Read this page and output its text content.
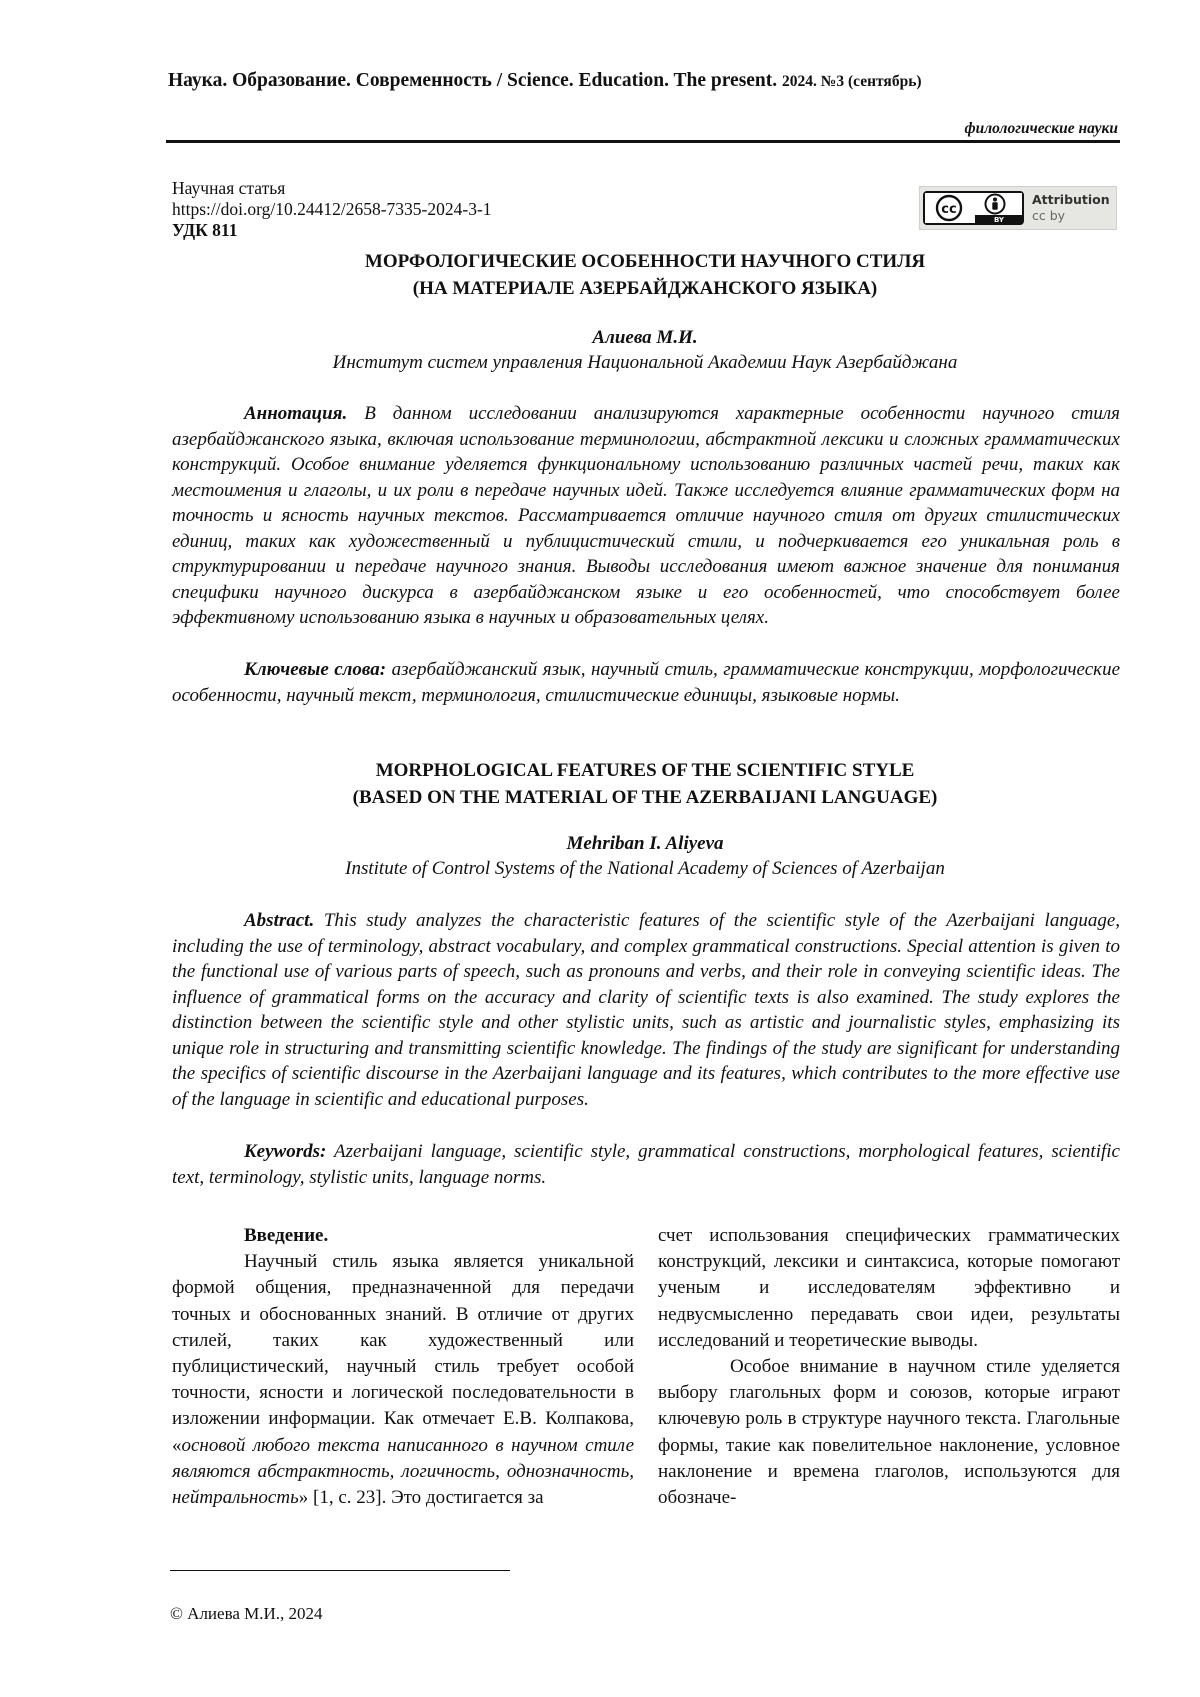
Наука. Образование. Современность / Science. Education. The present. 2024. №3 (сентябрь)
филологические науки
Научная статья
https://doi.org/10.24412/2658-7335-2024-3-1
УДК 811
cc
BY
Attribution
cc by
МОРФОЛОГИЧЕСКИЕ ОСОБЕННОСТИ НАУЧНОГО СТИЛЯ
(НА МАТЕРИАЛЕ АЗЕРБАЙДЖАНСКОГО ЯЗЫКА)
Алиева М.И.
Институт систем управления Национальной Академии Наук Азербайджана

Аннотация. В данном исследовании анализируются характерные особенности научного стиля азербайджанского языка, включая использование терминологии, абстрактной лексики и сложных грамматических конструкций. Особое внимание уделяется функциональному использованию различных частей речи, таких как местоимения и глаголы, и их роли в передаче научных идей. Также исследуется влияние грамматических форм на точность и ясность научных текстов. Рассматривается отличие научного стиля от других стилистических единиц, таких как художественный и публицистический стили, и подчеркивается его уникальная роль в структурировании и передаче научного знания. Выводы исследования имеют важное значение для понимания специфики научного дискурса в азербайджанском языке и его особенностей, что способствует более эффективному использованию языка в научных и образовательных целях.

Ключевые слова: азербайджанский язык, научный стиль, грамматические конструкции, морфологические особенности, научный текст, терминология, стилистические единицы, языковые нормы.

MORPHOLOGICAL FEATURES OF THE SCIENTIFIC STYLE
(BASED ON THE MATERIAL OF THE AZERBAIJANI LANGUAGE)
Mehriban I. Aliyeva
Institute of Control Systems of the National Academy of Sciences of Azerbaijan

Abstract. This study analyzes the characteristic features of the scientific style of the Azerbaijani language, including the use of terminology, abstract vocabulary, and complex grammatical constructions. Special attention is given to the functional use of various parts of speech, such as pronouns and verbs, and their role in conveying scientific ideas. The influence of grammatical forms on the accuracy and clarity of scientific texts is also examined. The study explores the distinction between the scientific style and other stylistic units, such as artistic and journalistic styles, emphasizing its unique role in structuring and transmitting scientific knowledge. The findings of the study are significant for understanding the specifics of scientific discourse in the Azerbaijani language and its features, which contributes to the more effective use of the language in scientific and educational purposes.

Keywords: Azerbaijani language, scientific style, grammatical constructions, morphological features, scientific text, terminology, stylistic units, language norms.

Введение.

Научный стиль языка является уникальной формой общения, предназначенной для передачи точных и обоснованных знаний. В отличие от других стилей, таких как художественный или публицистический, научный стиль требует особой точности, ясности и логической последовательности в изложении информации. Как отмечает Е.В. Колпакова, «основой любого текста написанного в научном стиле являются абстрактность, логичность, однозначность, нейтральность» [1, с. 23]. Это достигается за

счет использования специфических грамматических конструкций, лексики и синтаксиса, которые помогают ученым и исследователям эффективно и недвусмысленно передавать свои идеи, результаты исследований и теоретические выводы.

Особое внимание в научном стиле уделяется выбору глагольных форм и союзов, которые играют ключевую роль в структуре научного текста. Глагольные формы, такие как повелительное наклонение, условное наклонение и времена глаголов, используются для обозначе-

© Алиева М.И., 2024
